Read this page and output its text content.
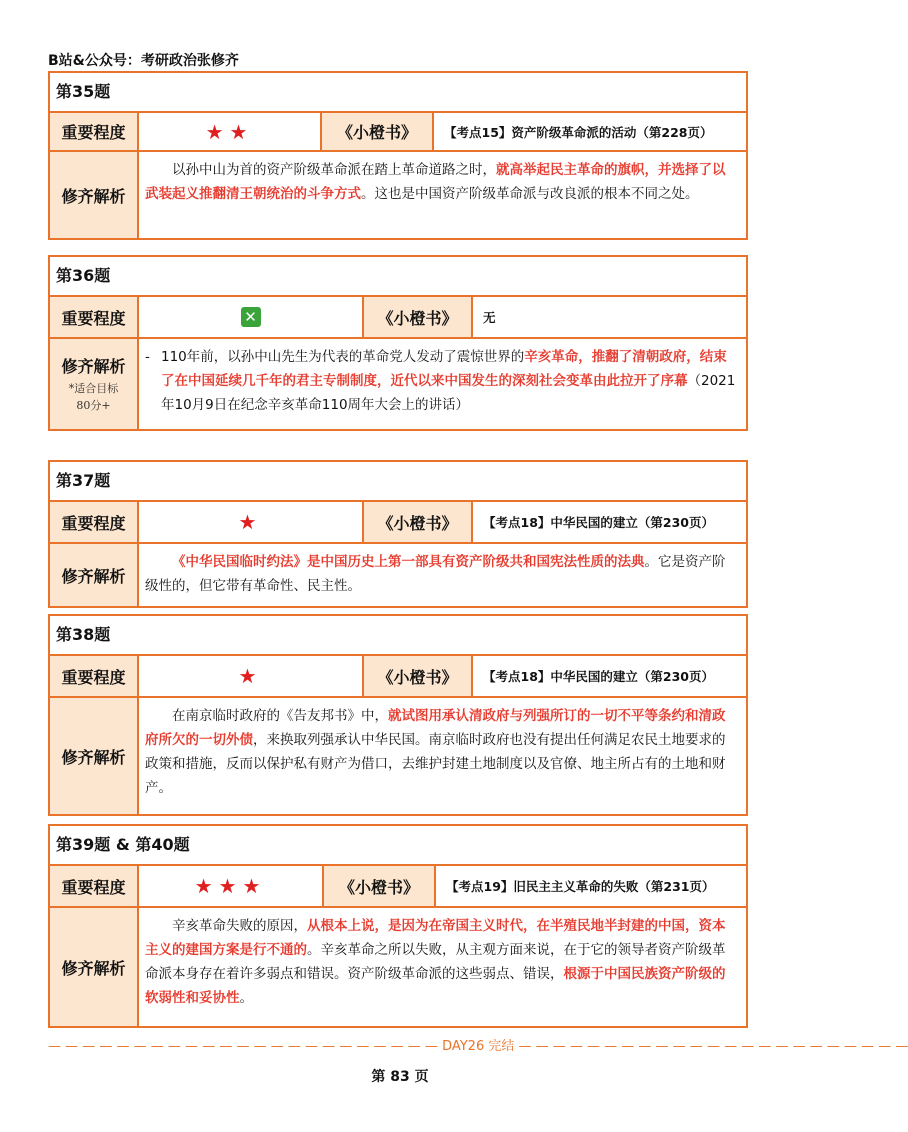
B站&公众号：考研政治张修齐
第35题
重要程度	★★	《小橙书》	【考点15】资产阶级革命派的活动（第228页）
修齐解析

以孙中山为首的资产阶级革命派在踏上革命道路之时，就高举起民主革命的旗帜，并选择了以武装起义推翻清王朝统治的斗争方式。这也是中国资产阶级革命派与改良派的根本不同之处。

第36题
重要程度	✕	《小橙书》	无
修齐解析
*适合目标
80分+
- 110年前，以孙中山先生为代表的革命党人发动了震惊世界的辛亥革命，推翻了清朝政府，结束了在中国延续几千年的君主专制制度，近代以来中国发生的深刻社会变革由此拉开了序幕（2021年10月9日在纪念辛亥革命110周年大会上的讲话）
第37题
重要程度	★	《小橙书》	【考点18】中华民国的建立（第230页）
修齐解析

《中华民国临时约法》是中国历史上第一部具有资产阶级共和国宪法性质的法典。它是资产阶级性的，但它带有革命性、民主性。

第38题
重要程度	★	《小橙书》	【考点18】中华民国的建立（第230页）
修齐解析

在南京临时政府的《告友邦书》中，就试图用承认清政府与列强所订的一切不平等条约和清政府所欠的一切外债，来换取列强承认中华民国。南京临时政府也没有提出任何满足农民土地要求的政策和措施，反而以保护私有财产为借口，去维护封建土地制度以及官僚、地主所占有的土地和财产。

第39题 & 第40题
重要程度	★★★	《小橙书》	【考点19】旧民主主义革命的失败（第231页）
修齐解析

辛亥革命失败的原因，从根本上说，是因为在帝国主义时代，在半殖民地半封建的中国，资本主义的建国方案是行不通的。辛亥革命之所以失败，从主观方面来说，在于它的领导者资产阶级革命派本身存在着许多弱点和错误。资产阶级革命派的这些弱点、错误，根源于中国民族资产阶级的软弱性和妥协性。

— — — — — — — — — — — — — — — — — — — — — — — DAY26 完结 — — — — — — — — — — — — — — — — — — — — — — —
第 83 页
